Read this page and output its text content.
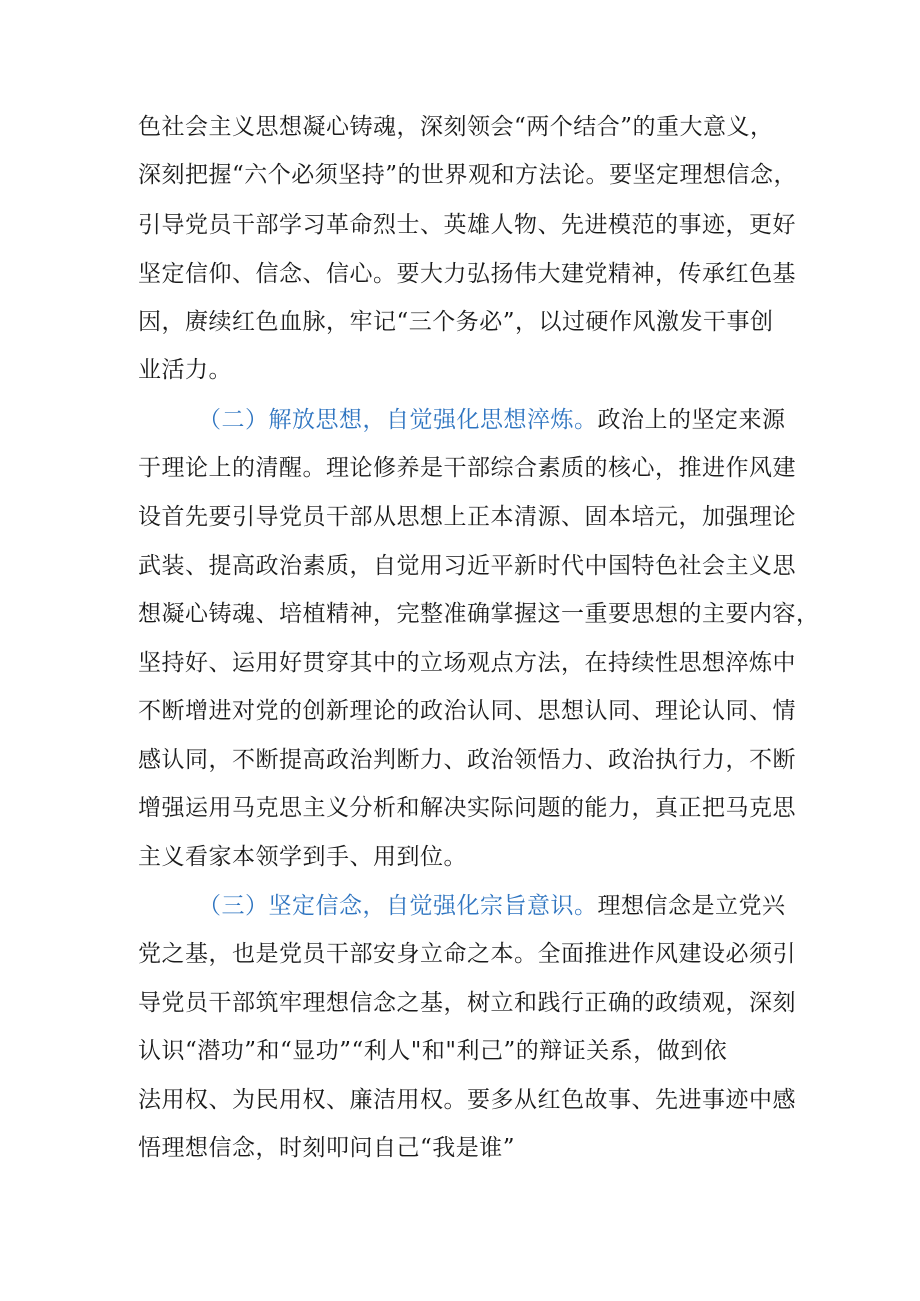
色社会主义思想凝心铸魂，深刻领会“两个结合”的重大意义，
深刻把握“六个必须坚持”的世界观和方法论。要坚定理想信念，
引导党员干部学习革命烈士、英雄人物、先进模范的事迹，更好
坚定信仰、信念、信心。要大力弘扬伟大建党精神，传承红色基
因，赓续红色血脉，牢记“三个务必”，以过硬作风激发干事创
业活力。
（二）解放思想，自觉强化思想淬炼。政治上的坚定来源
于理论上的清醒。理论修养是干部综合素质的核心，推进作风建
设首先要引导党员干部从思想上正本清源、固本培元，加强理论
武装、提高政治素质，自觉用习近平新时代中国特色社会主义思
想凝心铸魂、培植精神，完整准确掌握这一重要思想的主要内容，
坚持好、运用好贯穿其中的立场观点方法，在持续性思想淬炼中
不断增进对党的创新理论的政治认同、思想认同、理论认同、情
感认同，不断提高政治判断力、政治领悟力、政治执行力，不断
增强运用马克思主义分析和解决实际问题的能力，真正把马克思
主义看家本领学到手、用到位。
（三）坚定信念，自觉强化宗旨意识。理想信念是立党兴
党之基，也是党员干部安身立命之本。全面推进作风建设必须引
导党员干部筑牢理想信念之基，树立和践行正确的政绩观，深刻
认识“潜功”和“显功”“利人"和"利己”的辩证关系，做到依
法用权、为民用权、廉洁用权。要多从红色故事、先进事迹中感
悟理想信念，时刻叩问自己“我是谁”
